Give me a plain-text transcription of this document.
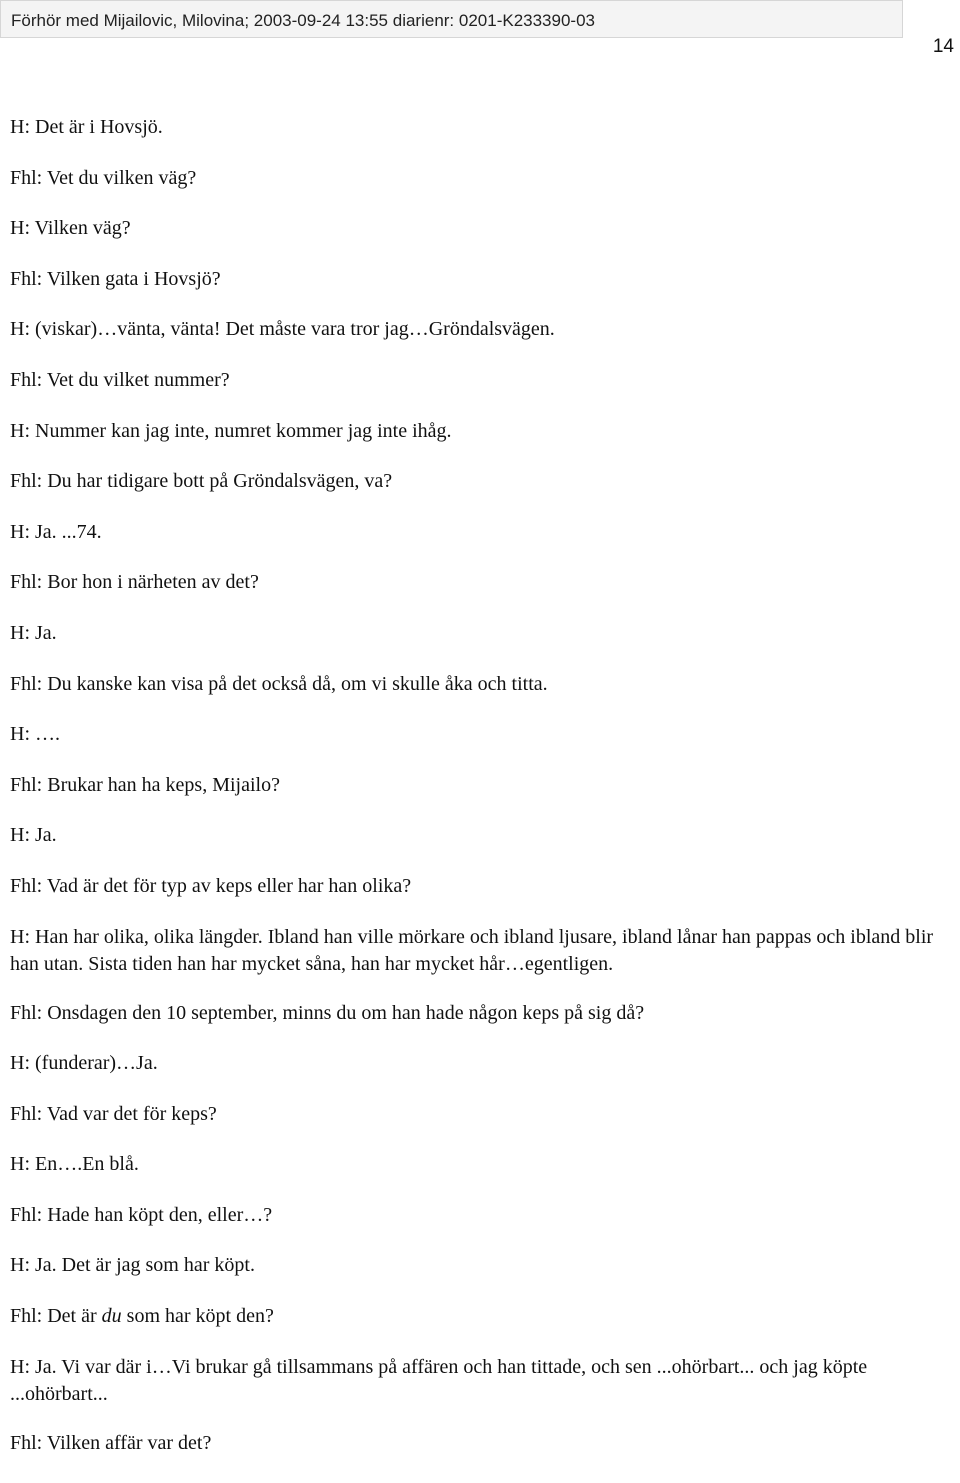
Förhör med Mijailovic, Milovina; 2003-09-24 13:55 diarienr: 0201-K233390-03
14

H: Det är i Hovsjö.

Fhl: Vet du vilken väg?

H: Vilken väg?

Fhl: Vilken gata i Hovsjö?

H: (viskar)…vänta, vänta! Det måste vara tror jag…Gröndalsvägen.

Fhl: Vet du vilket nummer?

H: Nummer kan jag inte, numret kommer jag inte ihåg.

Fhl: Du har tidigare bott på Gröndalsvägen, va?

H: Ja. ...74.

Fhl: Bor hon i närheten av det?

H: Ja.

Fhl: Du kanske kan visa på det också då, om vi skulle åka och titta.

H: ….

Fhl: Brukar han ha keps, Mijailo?

H: Ja.

Fhl: Vad är det för typ av keps eller har han olika?

H: Han har olika, olika längder. Ibland han ville mörkare och ibland ljusare, ibland lånar han pappas och ibland blir han utan. Sista tiden han har mycket såna, han har mycket hår…egentligen.

Fhl: Onsdagen den 10 september, minns du om han hade någon keps på sig då?

H: (funderar)…Ja.

Fhl: Vad var det för keps?

H: En….En blå.

Fhl: Hade han köpt den, eller…?

H: Ja. Det är jag som har köpt.

Fhl: Det är du som har köpt den?

H: Ja. Vi var där i…Vi brukar gå tillsammans på affären och han tittade, och sen ...ohörbart... och jag köpte ...ohörbart...

Fhl: Vilken affär var det?
